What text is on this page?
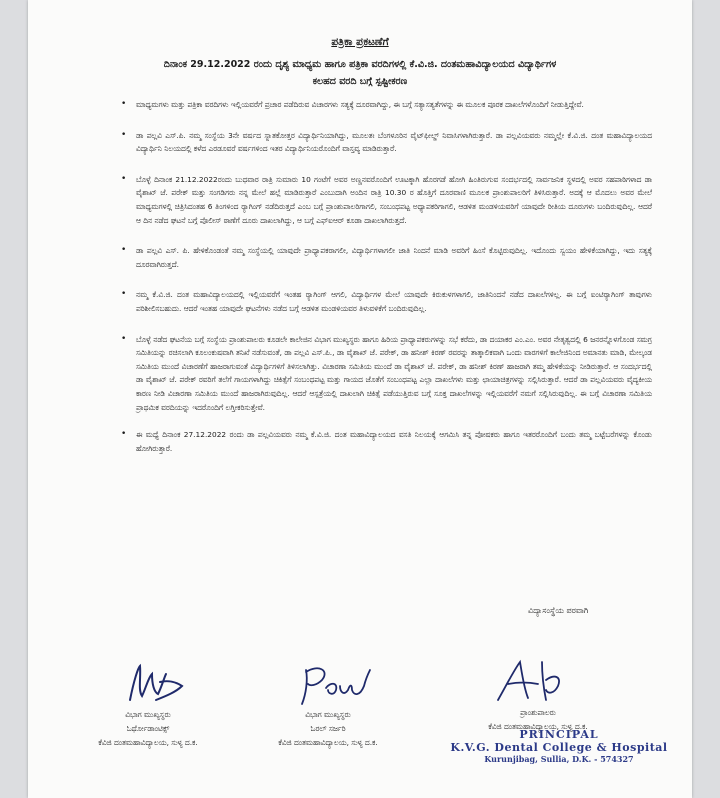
ಪತ್ರಿಕಾ ಪ್ರಕಟಣೆಗೆ
ದಿನಾಂಕ 29.12.2022 ರಂದು ದೃಶ್ಯ ಮಾಧ್ಯಮ ಹಾಗೂ ಪತ್ರಿಕಾ ವರದಿಗಳಲ್ಲಿ ಕೆ.ವಿ.ಜಿ. ದಂತಮಹಾವಿದ್ಯಾಲಯದ ವಿದ್ಯಾರ್ಥಿಗಳ
ಕಲಹದ ವರದಿ ಬಗ್ಗೆ ಸ್ಪಷ್ಟೀಕರಣ
• ಮಾಧ್ಯಮಗಳು ಮತ್ತು ಪತ್ರಿಕಾ ವರದಿಗಳು ಇಲ್ಲಿಯವರೆಗೆ ಪ್ರಚಾರ ಪಡೆದಿರುವ ವಿಚಾರಗಳು ಸತ್ಯಕ್ಕೆ ದೂರವಾಗಿದ್ದು, ಈ ಬಗ್ಗೆ ಸತ್ಯಾಸತ್ಯತೆಗಳನ್ನು ಈ ಮೂಲಕ ಪೂರಕ ದಾಖಲೆಗಳೊಂದಿಗೆ ನೀಡುತ್ತಿದ್ದೇವೆ.
• ಡಾ ಪಲ್ಲವಿ ಎಸ್.ಪಿ. ನಮ್ಮ ಸಂಸ್ಥೆಯ 3ನೇ ವರ್ಷದ ಸ್ನಾತಕೋತ್ತರ ವಿದ್ಯಾರ್ಥಿನಿಯಾಗಿದ್ದು, ಮೂಲತಃ ಬೆಂಗಳೂರಿನ ವೈಟ್‌ಫೀಲ್ಡ್ ನಿವಾಸಿಗಳಾಗಿರುತ್ತಾರೆ. ಡಾ ಪಲ್ಲವಿಯವರು ನಮ್ಮಲ್ಲೇ ಕೆ.ವಿ.ಜಿ. ದಂತ ಮಹಾವಿದ್ಯಾಲಯದ ವಿದ್ಯಾರ್ಥಿನಿ ನಿಲಯದಲ್ಲಿ ಕಳೆದ ಎರಡೂವರೆ ವರ್ಷಗಳಿಂದ ಇತರ ವಿದ್ಯಾರ್ಥಿನಿಯರೊಂದಿಗೆ ವಾಸ್ತವ್ಯ ಮಾಡಿರುತ್ತಾರೆ.
• ಬೊಳ್ಳೆ ದಿನಾಂಕ 21.12.2022ರಂದು ಬುಧವಾರ ರಾತ್ರಿ ಸುಮಾರು 10 ಗಂಟೆಗೆ ಅವರ ಅಣ್ಣನವರೊಂದಿಗೆ ಊಟಕ್ಕಾಗಿ ಹೊರಗಡೆ ಹೋಗಿ ಹಿಂತಿರುಗುವ ಸಂದರ್ಭದಲ್ಲಿ ಸಾರ್ವಜನಿಕ ಸ್ಥಳದಲ್ಲಿ ಅವರ ಸಹಪಾಠಿಗಳಾದ ಡಾ ವೈಶಾಖ್ ಜೆ. ಪರೇಕ್ ಮತ್ತು ಸಂಗಡಿಗರು ನನ್ನ ಮೇಲೆ ಹಲ್ಲೆ ಮಾಡಿರುತ್ತಾರೆ ಎಂಬುದಾಗಿ ಅಂದಿನ ರಾತ್ರಿ 10.30 ರ ಹೊತ್ತಿಗೆ ದೂರವಾಣಿ ಮೂಲಕ ಪ್ರಾಂಶುಪಾಲರಿಗೆ ತಿಳಿಸಿರುತ್ತಾರೆ. ಅದಕ್ಕೆ ಆ ಮೊದಲು ಅವರ ಮೇಲೆ ಮಾಧ್ಯಮಗಳಲ್ಲಿ ಚಿತ್ರಿಸಿದಂತಹ 6 ತಿಂಗಳಿಂದ ರ್‍ಯಾಗಿಂಗ್ ನಡೆದಿರುತ್ತದೆ ಎಂಬ ಬಗ್ಗೆ ಪ್ರಾಂಶುಪಾಲರಿಗಾಗಲಿ, ಸಂಬಂಧಪಟ್ಟ ಅಧ್ಯಾಪಕರಿಗಾಗಲಿ, ಆಡಳಿತ ಮಂಡಳಿಯವರಿಗೆ ಯಾವುದೇ ರೀತಿಯ ದೂರುಗಳು ಬಂದಿರುವುದಿಲ್ಲ. ಆದರೆ ಆ ದಿನ ನಡೆದ ಘಟನೆ ಬಗ್ಗೆ ಪೊಲೀಸ್ ಠಾಣೆಗೆ ದೂರು ದಾಖಲಾಗಿದ್ದು, ಆ ಬಗ್ಗೆ ಎಫ್ಐಆರ್ ಕೂಡಾ ದಾಖಲಾಗಿರುತ್ತದೆ.
• ಡಾ ಪಲ್ಲವಿ ಎಸ್. ಪಿ. ಹೇಳಿಕೊಂಡಂತೆ ನಮ್ಮ ಸಂಸ್ಥೆಯಲ್ಲಿ ಯಾವುದೇ ಪ್ರಾಧ್ಯಾಪಕರಾಗಲೀ, ವಿದ್ಯಾರ್ಥಿಗಳಾಗಲೀ ಜಾತಿ ನಿಂದನೆ ಮಾಡಿ ಅವರಿಗೆ ಹಿಂಸೆ ಕೊಟ್ಟಿರುವುದಿಲ್ಲ. ಇದೊಂದು ಸ್ವಯಂ ಹೇಳಿಕೆಯಾಗಿದ್ದು, ಇದು ಸತ್ಯಕ್ಕೆ ದೂರವಾಗಿರುತ್ತದೆ.
• ನಮ್ಮ ಕೆ.ವಿ.ಜಿ. ದಂತ ಮಹಾವಿದ್ಯಾಲಯದಲ್ಲಿ ಇಲ್ಲಿಯವರೆಗೆ ಇಂತಹ ರ್‍ಯಾಗಿಂಗ್ ಆಗಲಿ, ವಿದ್ಯಾರ್ಥಿಗಳ ಮೇಲೆ ಯಾವುದೇ ಕಿರುಕುಳಗಳಾಗಲಿ, ಜಾತಿನಿಂದನೆ ನಡೆದ ದಾಖಲೆಗಳಿಲ್ಲ. ಈ ಬಗ್ಗೆ ಐಂಟಿರ್‍ಯಾಗಿಂಗ್ ತಾವುಗಳು ಪರಿಶೀಲಿಸಬಹುದು. ಆದರೆ ಇಂತಹ ಯಾವುದೇ ಘಟನೆಗಳು ನಡೆದ ಬಗ್ಗೆ ಆಡಳಿತ ಮಂಡಳಿಯವರ ತಿಳುವಳಿಕೆಗೆ ಬಂದಿರುವುದಿಲ್ಲ.
• ಬೊಳ್ಳೆ ನಡೆದ ಘಟನೆಯ ಬಗ್ಗೆ ಸಂಸ್ಥೆಯ ಪ್ರಾಂಶುಪಾಲರು ಕೂಡಲೇ ಕಾಲೇಜಿನ ವಿಭಾಗ ಮುಖ್ಯಸ್ಥರು ಹಾಗೂ ಹಿರಿಯ ಪ್ರಾಧ್ಯಾಪಕರುಗಳನ್ನು ಸಭೆ ಕರೆದು, ಡಾ ದಯಾಕರ ಎಂ.ಎಂ. ಅವರ ನೇತೃತ್ವದಲ್ಲಿ 6 ಜನರನ್ನೊಳಗೊಂಡ ಸಮಗ್ರ ಸಮಿತಿಯನ್ನು ರಚಿಸಲಾಗಿ ಕೂಲಂಕುಷವಾಗಿ ತನಿಖೆ ನಡೆಸುವಂತೆ, ಡಾ ಪಲ್ಲವಿ ಎಸ್.ಪಿ., ಡಾ ವೈಶಾಖ್ ಜೆ. ಪರೇಕ್, ಡಾ ಹನೀಶ್ ಕಿರಣ್ ರವರನ್ನು ತಾತ್ಕಾಲಿಕವಾಗಿ ಒಂದು ವಾರಗಳಿಗೆ ಕಾಲೇಜಿನಿಂದ ಅಮಾನತು ಮಾಡಿ, ಮೇಲ್ಕಂಡ ಸಮಿತಿಯ ಮುಂದೆ ವಿಚಾರಣೆಗೆ ಹಾಜರಾಗುವಂತೆ ವಿದ್ಯಾರ್ಥಿಗಳಿಗೆ ತಿಳಿಸಲಾಗಿತ್ತು. ವಿಚಾರಣಾ ಸಮಿತಿಯ ಮುಂದೆ ಡಾ ವೈಶಾಖ್ ಜೆ. ಪರೇಕ್, ಡಾ ಹನೀಶ್ ಕಿರಣ್ ಹಾಜರಾಗಿ ತಮ್ಮ ಹೇಳಿಕೆಯನ್ನು ನೀಡಿರುತ್ತಾರೆ. ಆ ಸಂದರ್ಭದಲ್ಲಿ ಡಾ ವೈಶಾಖ್ ಜೆ. ಪರೇಕ್ ರವರಿಗೆ ತಲೆಗೆ ಗಾಯಗಳಾಗಿದ್ದು ಚಿಕಿತ್ಸೆಗೆ ಸಂಬಂಧಪಟ್ಟ ಮತ್ತು ಗಾಯದ ಜೊತೆಗೆ ಸಂಬಂಧಪಟ್ಟ ಎಲ್ಲಾ ದಾಖಲೆಗಳು ಮತ್ತು ಛಾಯಾಚಿತ್ರಗಳನ್ನು ಸಲ್ಲಿಸಿರುತ್ತಾರೆ. ಆದರೆ ಡಾ ಪಲ್ಲವಿಯವರು ವೈದ್ಯಕೀಯ ಕಾರಣ ನೀಡಿ ವಿಚಾರಣಾ ಸಮಿತಿಯ ಮುಂದೆ ಹಾಜರಾಗಿರುವುದಿಲ್ಲ. ಆದರೆ ಆಸ್ಪತ್ರೆಯಲ್ಲಿ ದಾಖಲಾಗಿ ಚಿಕಿತ್ಸೆ ಪಡೆಯುತ್ತಿರುವ ಬಗ್ಗೆ ಸೂಕ್ತ ದಾಖಲೆಗಳನ್ನು ಇಲ್ಲಿಯವರೆಗೆ ನಮಗೆ ಸಲ್ಲಿಸಿರುವುದಿಲ್ಲ. ಈ ಬಗ್ಗೆ ವಿಚಾರಣಾ ಸಮಿತಿಯ ಪ್ರಾಥಮಿಕ ವರದಿಯನ್ನು ಇದರೊಂದಿಗೆ ಲಗ್ತೀಕರಿಸುತ್ತೇವೆ.
• ಈ ಮಧ್ಯೆ ದಿನಾಂಕ 27.12.2022 ರಂದು ಡಾ ಪಲ್ಲವಿಯವರು ನಮ್ಮ ಕೆ.ವಿ.ಜಿ. ದಂತ ಮಹಾವಿದ್ಯಾಲಯದ ವಸತಿ ನಿಲಯಕ್ಕೆ ಆಗಮಿಸಿ ತನ್ನ ಪೋಷಕರು ಹಾಗೂ ಇತರರೊಂದಿಗೆ ಬಂದು ತಮ್ಮ ಬಟ್ಟೆಬರೆಗಳನ್ನು ಕೊಂಡು ಹೋಗಿರುತ್ತಾರೆ.
ವಿದ್ಯಾಸಂಸ್ಥೆಯ ಪರವಾಗಿ
ವಿಭಾಗ ಮುಖ್ಯಸ್ಥರು
ಓರ್ಥೋಡಾಂಟಿಕ್ಸ್
ಕೆವಿಜಿ ದಂತಮಹಾವಿದ್ಯಾಲಯ, ಸುಳ್ಯ ದ.ಕ.
ವಿಭಾಗ ಮುಖ್ಯಸ್ಥರು
ಓರಲ್ ಸರ್ಜರಿ
ಕೆವಿಜಿ ದಂತಮಹಾವಿದ್ಯಾಲಯ, ಸುಳ್ಯ ದ.ಕ.
ಪ್ರಾಂಶುಪಾಲರು
ಕೆವಿಜಿ ದಂತಮಹಾವಿದ್ಯಾಲಯ, ಸುಳ್ಯ ದ.ಕ.
PRINCIPAL
K.V.G. Dental College & Hospital
Kurunjibag, Sullia, D.K. - 574327
